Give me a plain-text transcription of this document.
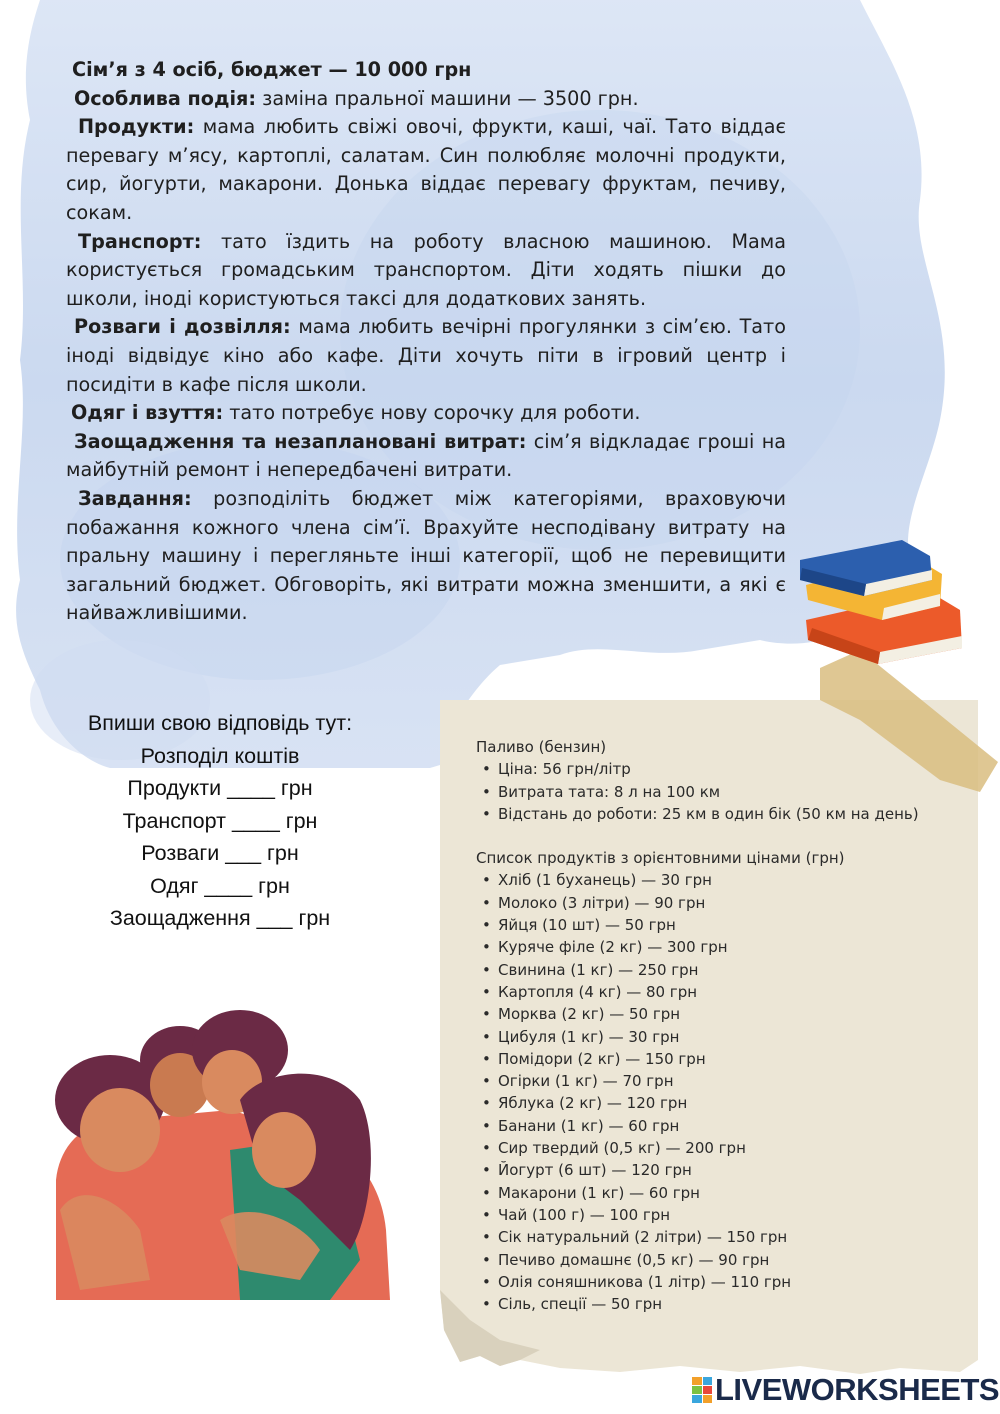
Сім’я з 4 осіб, бюджет — 10 000 грн

Особлива подія: заміна пральної машини — 3500 грн.

Продукти: мама любить свіжі овочі, фрукти, каші, чаї. Тато віддає перевагу м’ясу, картоплі, салатам. Син полюбляє молочні продукти, сир, йогурти, макарони. Донька віддає перевагу фруктам, печиву, сокам.

Транспорт: тато їздить на роботу власною машиною. Мама користується громадським транспортом. Діти ходять пішки до школи, іноді користуються таксі для додаткових занять.

Розваги і дозвілля: мама любить вечірні прогулянки з сім’єю. Тато іноді відвідує кіно або кафе. Діти хочуть піти в ігровий центр і посидіти в кафе після школи.

Одяг і взуття: тато потребує нову сорочку для роботи.

Заощадження та незаплановані витрат: сім’я відкладає гроші на майбутній ремонт і непередбачені витрати.

Завдання: розподіліть бюджет між категоріями, враховуючи побажання кожного члена сім’ї. Врахуйте несподівану витрату на пральну машину і перегляньте інші категорії, щоб не перевищити загальний бюджет. Обговоріть, які витрати можна зменшити, а які є найважливішими.

Впиши свою відповідь тут:
Розподіл коштів
Продукти ____ грн
Транспорт ____ грн
Розваги ___ грн
Одяг ____ грн
Заощадження ___ грн
Паливо (бензин)
• Ціна: 56 грн/літр
• Витрата тата: 8 л на 100 км
• Відстань до роботи: 25 км в один бік (50 км на день)
Список продуктів з орієнтовними цінами (грн)
• Хліб (1 буханець) — 30 грн
• Молоко (3 літри) — 90 грн
• Яйця (10 шт) — 50 грн
• Куряче філе (2 кг) — 300 грн
• Свинина (1 кг) — 250 грн
• Картопля (4 кг) — 80 грн
• Морква (2 кг) — 50 грн
• Цибуля (1 кг) — 30 грн
• Помідори (2 кг) — 150 грн
• Огірки (1 кг) — 70 грн
• Яблука (2 кг) — 120 грн
• Банани (1 кг) — 60 грн
• Сир твердий (0,5 кг) — 200 грн
• Йогурт (6 шт) — 120 грн
• Макарони (1 кг) — 60 грн
• Чай (100 г) — 100 грн
• Сік натуральний (2 літри) — 150 грн
• Печиво домашнє (0,5 кг) — 90 грн
• Олія соняшникова (1 літр) — 110 грн
• Сіль, спеції — 50 грн
LIVEWORKSHEETS
